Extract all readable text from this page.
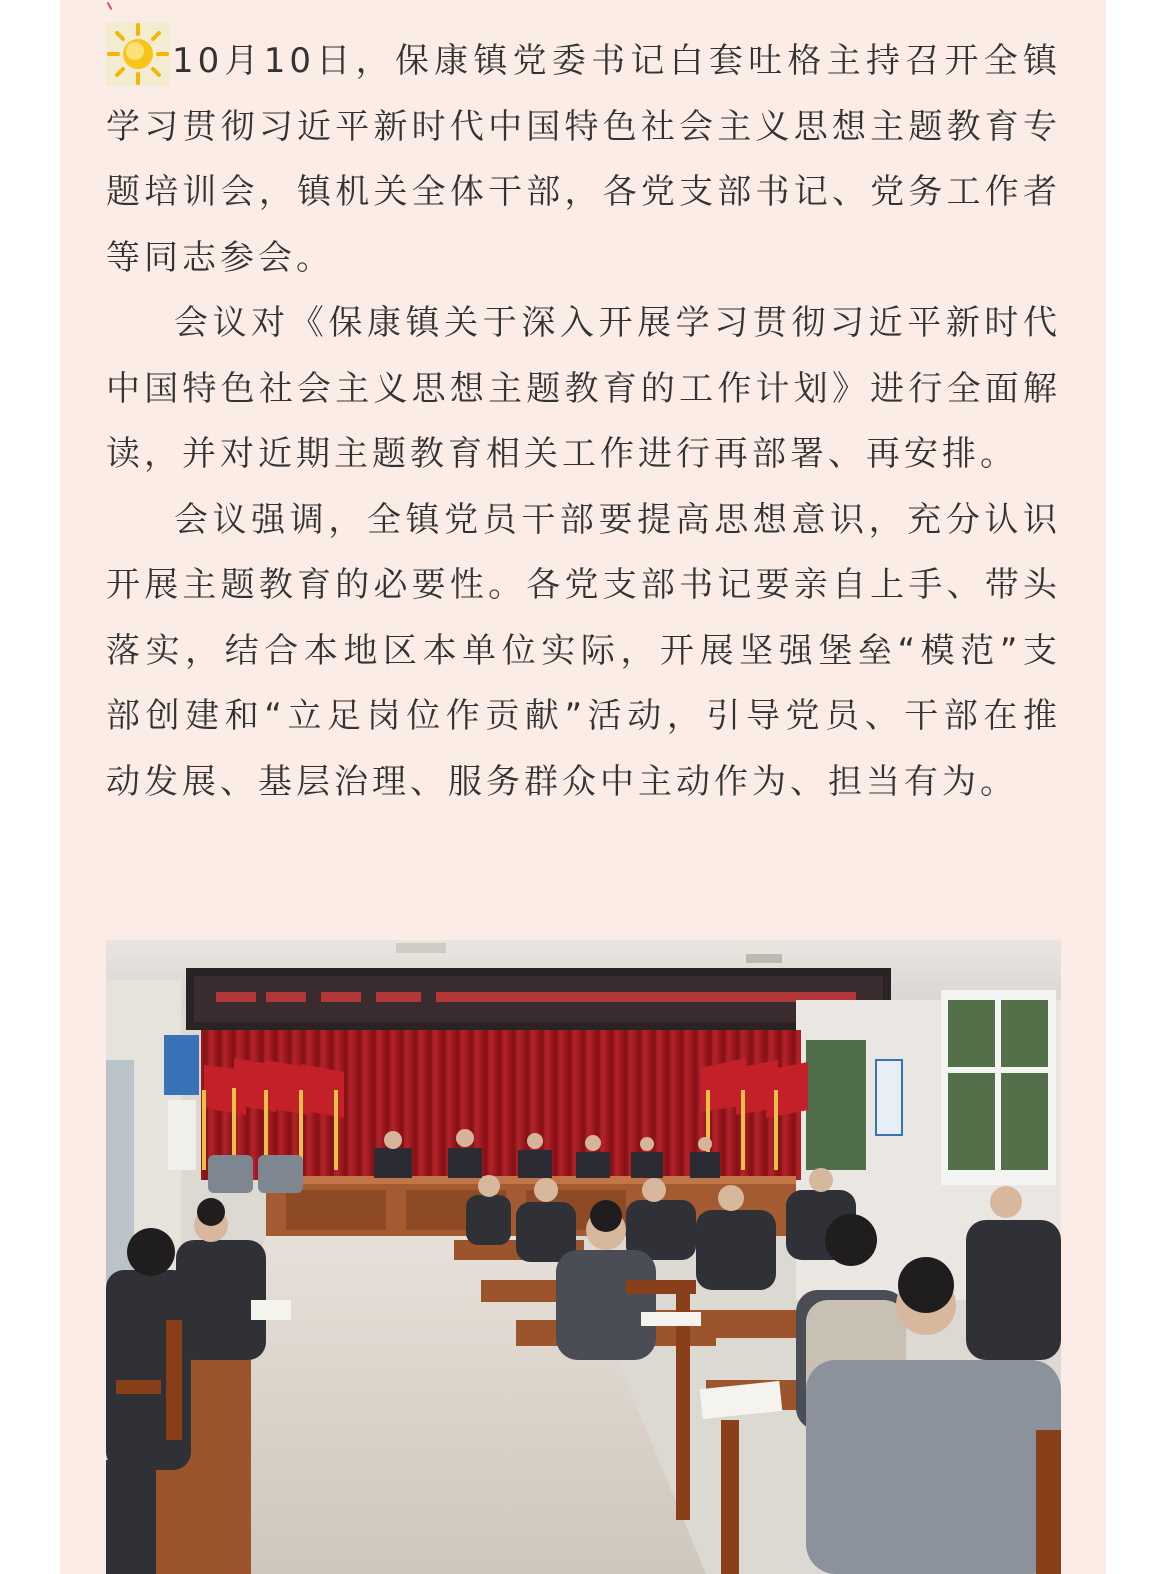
10月10日，保康镇党委书记白套吐格主持召开全镇学习贯彻习近平新时代中国特色社会主义思想主题教育专题培训会，镇机关全体干部，各党支部书记、党务工作者等同志参会。

会议对《保康镇关于深入开展学习贯彻习近平新时代中国特色社会主义思想主题教育的工作计划》进行全面解读，并对近期主题教育相关工作进行再部署、再安排。

会议强调，全镇党员干部要提高思想意识，充分认识开展主题教育的必要性。各党支部书记要亲自上手、带头落实，结合本地区本单位实际，开展坚强堡垒“模范”支部创建和“立足岗位作贡献”活动，引导党员、干部在推动发展、基层治理、服务群众中主动作为、担当有为。
